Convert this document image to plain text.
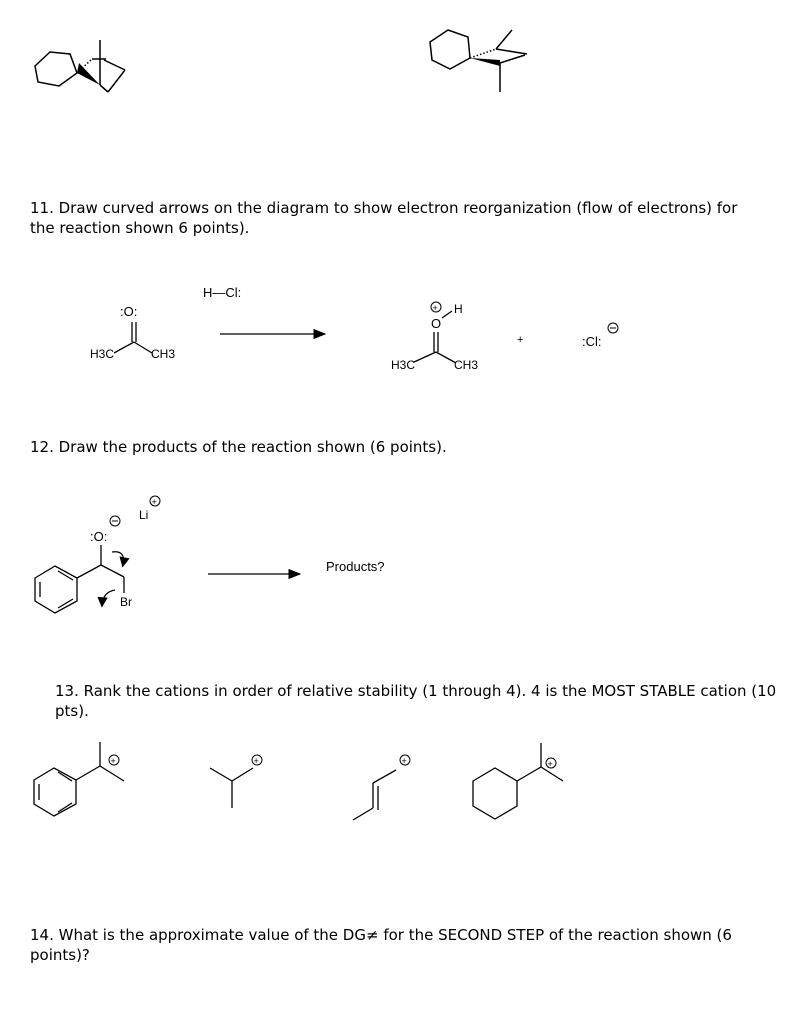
11. Draw curved arrows on the diagram to show electron reorganization (flow of electrons) for the reaction shown 6 points).
12. Draw the products of the reaction shown (6 points).
13. Rank the cations in order of relative stability (1 through 4). 4 is the MOST STABLE cation (10 pts).
14. What is the approximate value of the DG≠ for the SECOND STEP of the reaction shown (6 points)?
Products?
:O:
H3C	CH3
H—Cl:
+
O
H
H3C	CH3
+	:Cl:
:O:
Li
+
Br
+	+	+	+
